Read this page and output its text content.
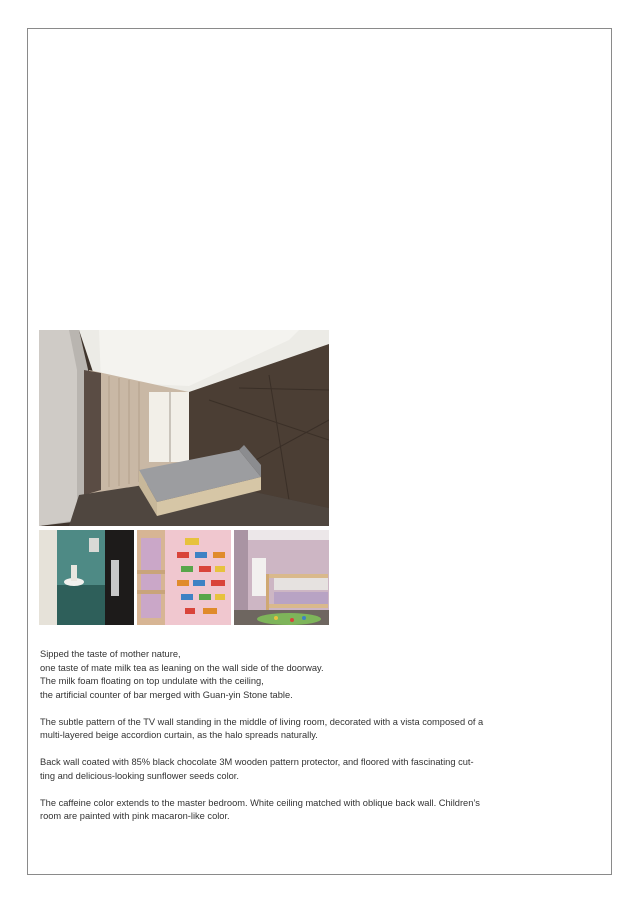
Sipped the taste of mother nature,
one taste of mate milk tea as leaning on the wall side of the doorway.
The milk foam floating on top undulate with the ceiling,
the artificial counter of bar merged with Guan-yin Stone table.

The subtle pattern of the TV wall standing in the middle of living room, decorated with a vista composed of a
multi-layered beige accordion curtain, as the halo spreads naturally.

Back wall coated with 85% black chocolate 3M wooden pattern protector, and floored with fascinating cut-
ting and delicious-looking sunflower seeds color.

The caffeine color extends to the master bedroom. White ceiling matched with oblique back wall. Children’s
room are painted with pink macaron-like color.
